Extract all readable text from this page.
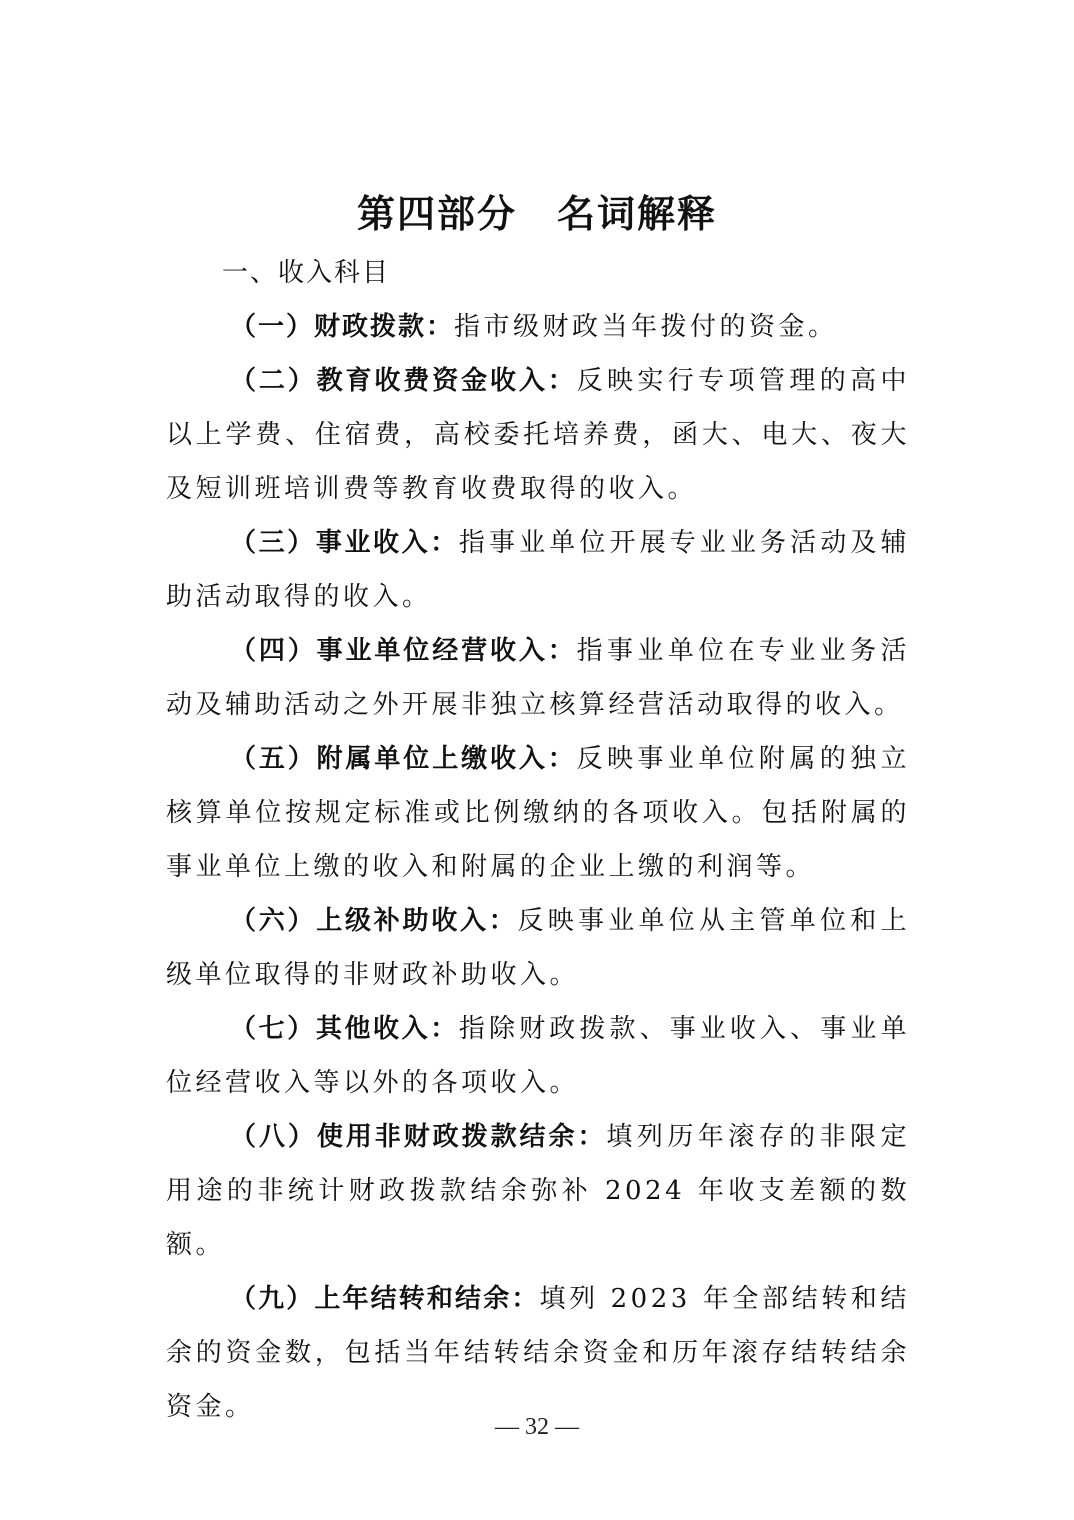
第四部分　名词解释
一、收入科目

（一）财政拨款：指市级财政当年拨付的资金。

（二）教育收费资金收入：反映实行专项管理的高中以上学费、住宿费，高校委托培养费，函大、电大、夜大及短训班培训费等教育收费取得的收入。

（三）事业收入：指事业单位开展专业业务活动及辅助活动取得的收入。

（四）事业单位经营收入：指事业单位在专业业务活动及辅助活动之外开展非独立核算经营活动取得的收入。

（五）附属单位上缴收入：反映事业单位附属的独立核算单位按规定标准或比例缴纳的各项收入。包括附属的事业单位上缴的收入和附属的企业上缴的利润等。

（六）上级补助收入：反映事业单位从主管单位和上级单位取得的非财政补助收入。

（七）其他收入：指除财政拨款、事业收入、事业单位经营收入等以外的各项收入。

（八）使用非财政拨款结余：填列历年滚存的非限定用途的非统计财政拨款结余弥补 2024 年收支差额的数额。

（九）上年结转和结余：填列 2023 年全部结转和结余的资金数，包括当年结转结余资金和历年滚存结转结余资金。

— 32 —
